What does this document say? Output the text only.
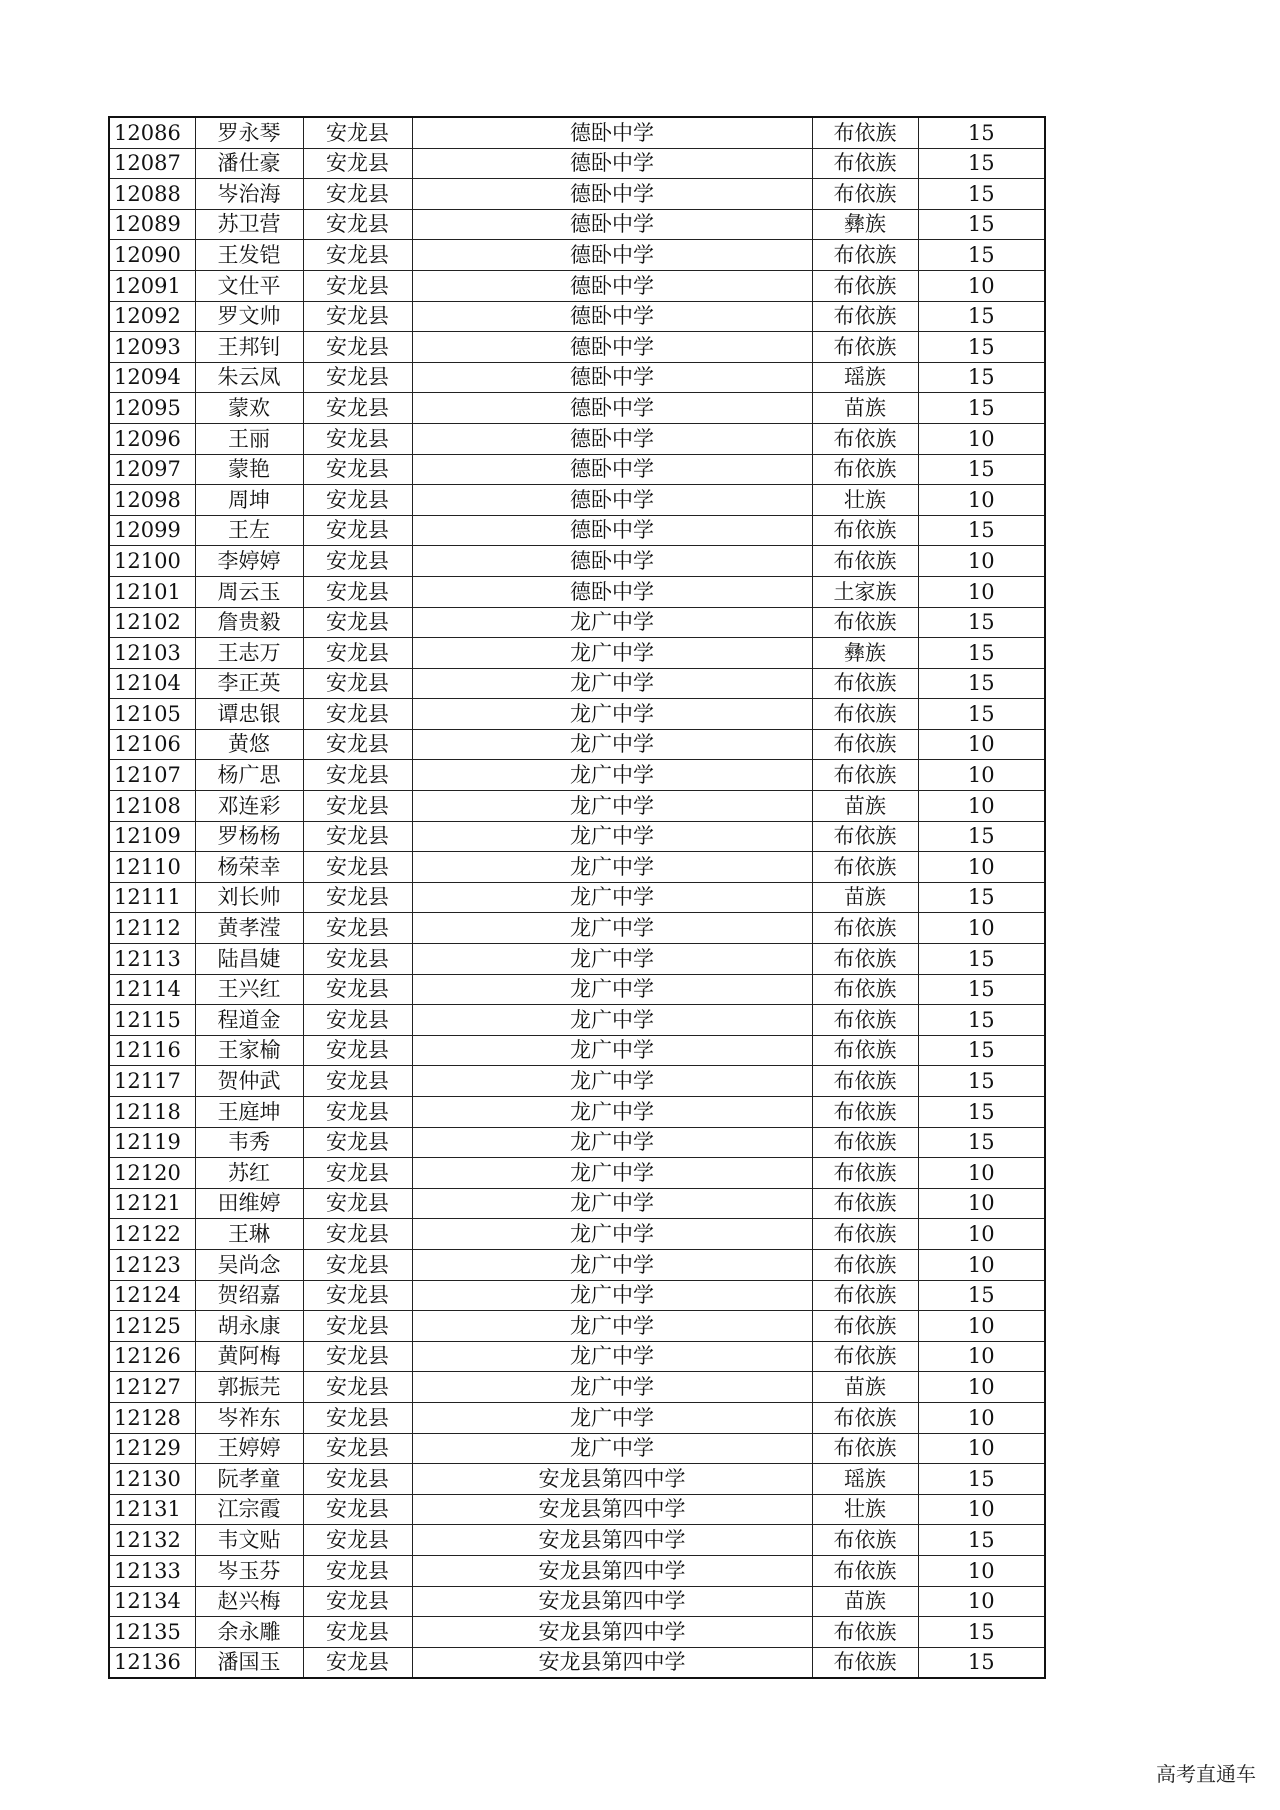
12086	罗永琴	安龙县	德卧中学	布依族	15
12087	潘仕豪	安龙县	德卧中学	布依族	15
12088	岑治海	安龙县	德卧中学	布依族	15
12089	苏卫营	安龙县	德卧中学	彝族	15
12090	王发铠	安龙县	德卧中学	布依族	15
12091	文仕平	安龙县	德卧中学	布依族	10
12092	罗文帅	安龙县	德卧中学	布依族	15
12093	王邦钊	安龙县	德卧中学	布依族	15
12094	朱云凤	安龙县	德卧中学	瑶族	15
12095	蒙欢	安龙县	德卧中学	苗族	15
12096	王丽	安龙县	德卧中学	布依族	10
12097	蒙艳	安龙县	德卧中学	布依族	15
12098	周坤	安龙县	德卧中学	壮族	10
12099	王左	安龙县	德卧中学	布依族	15
12100	李婷婷	安龙县	德卧中学	布依族	10
12101	周云玉	安龙县	德卧中学	土家族	10
12102	詹贵毅	安龙县	龙广中学	布依族	15
12103	王志万	安龙县	龙广中学	彝族	15
12104	李正英	安龙县	龙广中学	布依族	15
12105	谭忠银	安龙县	龙广中学	布依族	15
12106	黄悠	安龙县	龙广中学	布依族	10
12107	杨广思	安龙县	龙广中学	布依族	10
12108	邓连彩	安龙县	龙广中学	苗族	10
12109	罗杨杨	安龙县	龙广中学	布依族	15
12110	杨荣幸	安龙县	龙广中学	布依族	10
12111	刘长帅	安龙县	龙广中学	苗族	15
12112	黄孝滢	安龙县	龙广中学	布依族	10
12113	陆昌婕	安龙县	龙广中学	布依族	15
12114	王兴红	安龙县	龙广中学	布依族	15
12115	程道金	安龙县	龙广中学	布依族	15
12116	王家榆	安龙县	龙广中学	布依族	15
12117	贺仲武	安龙县	龙广中学	布依族	15
12118	王庭坤	安龙县	龙广中学	布依族	15
12119	韦秀	安龙县	龙广中学	布依族	15
12120	苏红	安龙县	龙广中学	布依族	10
12121	田维婷	安龙县	龙广中学	布依族	10
12122	王琳	安龙县	龙广中学	布依族	10
12123	吴尚念	安龙县	龙广中学	布依族	10
12124	贺绍嘉	安龙县	龙广中学	布依族	15
12125	胡永康	安龙县	龙广中学	布依族	10
12126	黄阿梅	安龙县	龙广中学	布依族	10
12127	郭振芫	安龙县	龙广中学	苗族	10
12128	岑祚东	安龙县	龙广中学	布依族	10
12129	王婷婷	安龙县	龙广中学	布依族	10
12130	阮孝童	安龙县	安龙县第四中学	瑶族	15
12131	江宗霞	安龙县	安龙县第四中学	壮族	10
12132	韦文贴	安龙县	安龙县第四中学	布依族	15
12133	岑玉芬	安龙县	安龙县第四中学	布依族	10
12134	赵兴梅	安龙县	安龙县第四中学	苗族	10
12135	余永雕	安龙县	安龙县第四中学	布依族	15
12136	潘国玉	安龙县	安龙县第四中学	布依族	15
高考直通车
